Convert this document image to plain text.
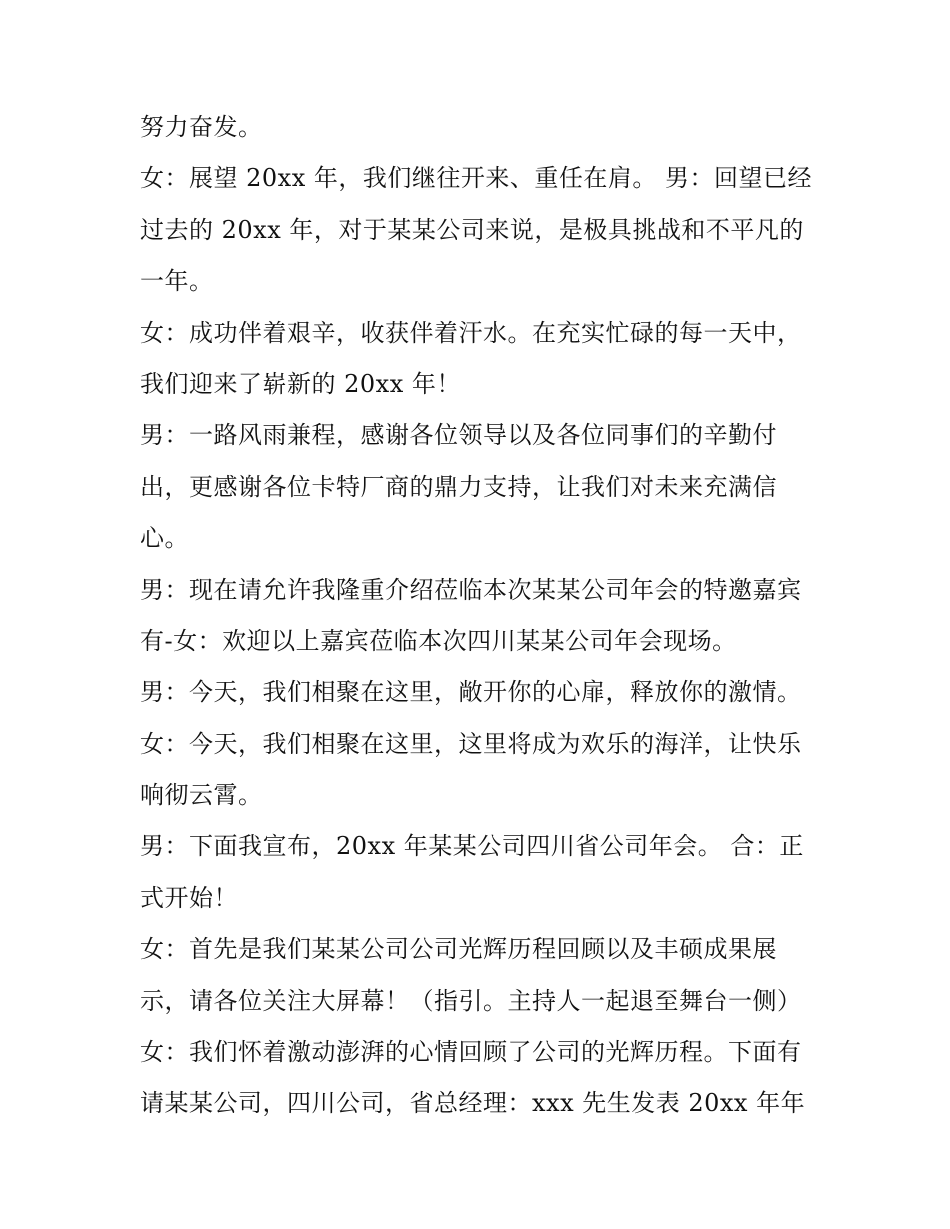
努力奋发。
女：展望 20xx 年，我们继往开来、重任在肩。 男：回望已经
过去的 20xx 年，对于某某公司来说，是极具挑战和不平凡的
一年。
女：成功伴着艰辛，收获伴着汗水。在充实忙碌的每一天中，
我们迎来了崭新的 20xx 年！
男：一路风雨兼程，感谢各位领导以及各位同事们的辛勤付
出，更感谢各位卡特厂商的鼎力支持，让我们对未来充满信
心。
男：现在请允许我隆重介绍莅临本次某某公司年会的特邀嘉宾
有-女：欢迎以上嘉宾莅临本次四川某某公司年会现场。
男：今天，我们相聚在这里，敞开你的心扉，释放你的激情。
女：今天，我们相聚在这里，这里将成为欢乐的海洋，让快乐
响彻云霄。
男：下面我宣布，20xx 年某某公司四川省公司年会。 合：正
式开始！
女：首先是我们某某公司公司光辉历程回顾以及丰硕成果展
示，请各位关注大屏幕！（指引。主持人一起退至舞台一侧）
女：我们怀着激动澎湃的心情回顾了公司的光辉历程。下面有
请某某公司，四川公司，省总经理：xxx 先生发表 20xx 年年
